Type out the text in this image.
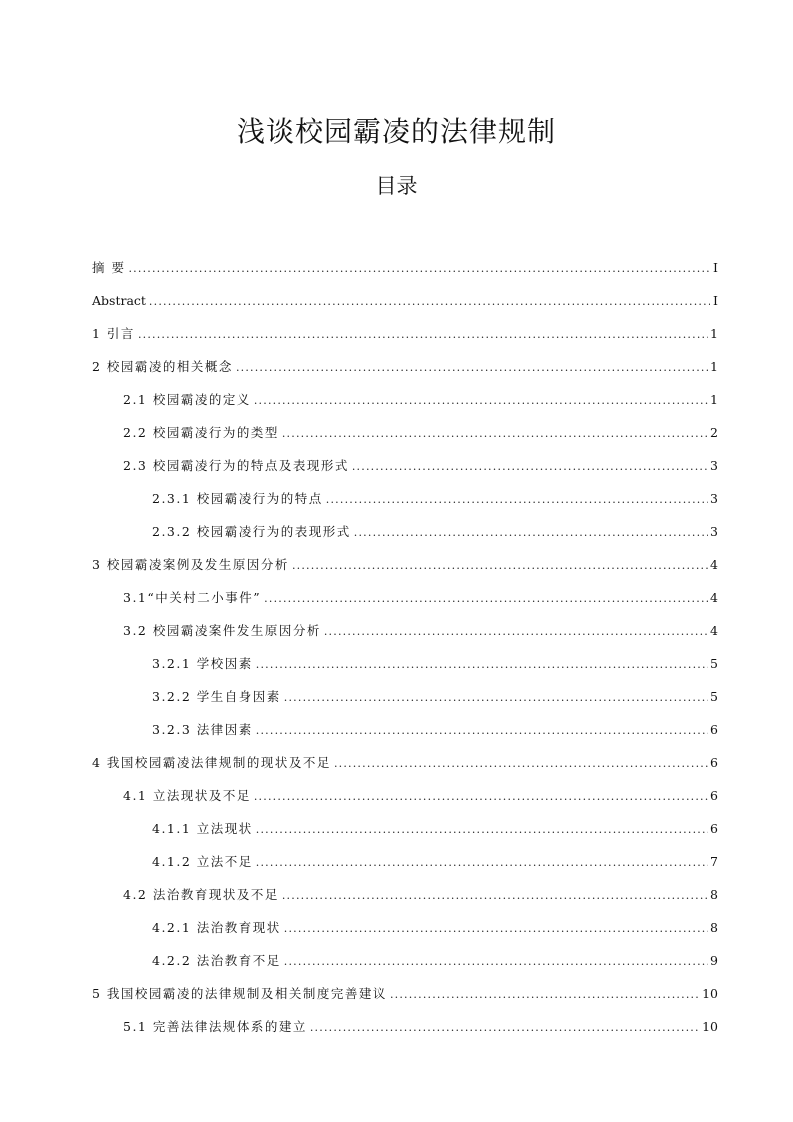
浅谈校园霸凌的法律规制
目录
摘 要 .....	I
Abstract .....	I
1 引言 .....	1
2 校园霸凌的相关概念 .....	1
2.1 校园霸凌的定义 .....	1
2.2 校园霸凌行为的类型 .....	2
2.3 校园霸凌行为的特点及表现形式 .....	3
2.3.1 校园霸凌行为的特点 .....	3
2.3.2 校园霸凌行为的表现形式 .....	3
3 校园霸凌案例及发生原因分析 .....	4
3.1“中关村二小事件” .....	4
3.2 校园霸凌案件发生原因分析 .....	4
3.2.1 学校因素 .....	5
3.2.2 学生自身因素 .....	5
3.2.3 法律因素 .....	6
4 我国校园霸凌法律规制的现状及不足 .....	6
4.1 立法现状及不足 .....	6
4.1.1 立法现状 .....	6
4.1.2 立法不足 .....	7
4.2 法治教育现状及不足 .....	8
4.2.1 法治教育现状 .....	8
4.2.2 法治教育不足 .....	9
5 我国校园霸凌的法律规制及相关制度完善建议 .....	10
5.1 完善法律法规体系的建立 .....	10
